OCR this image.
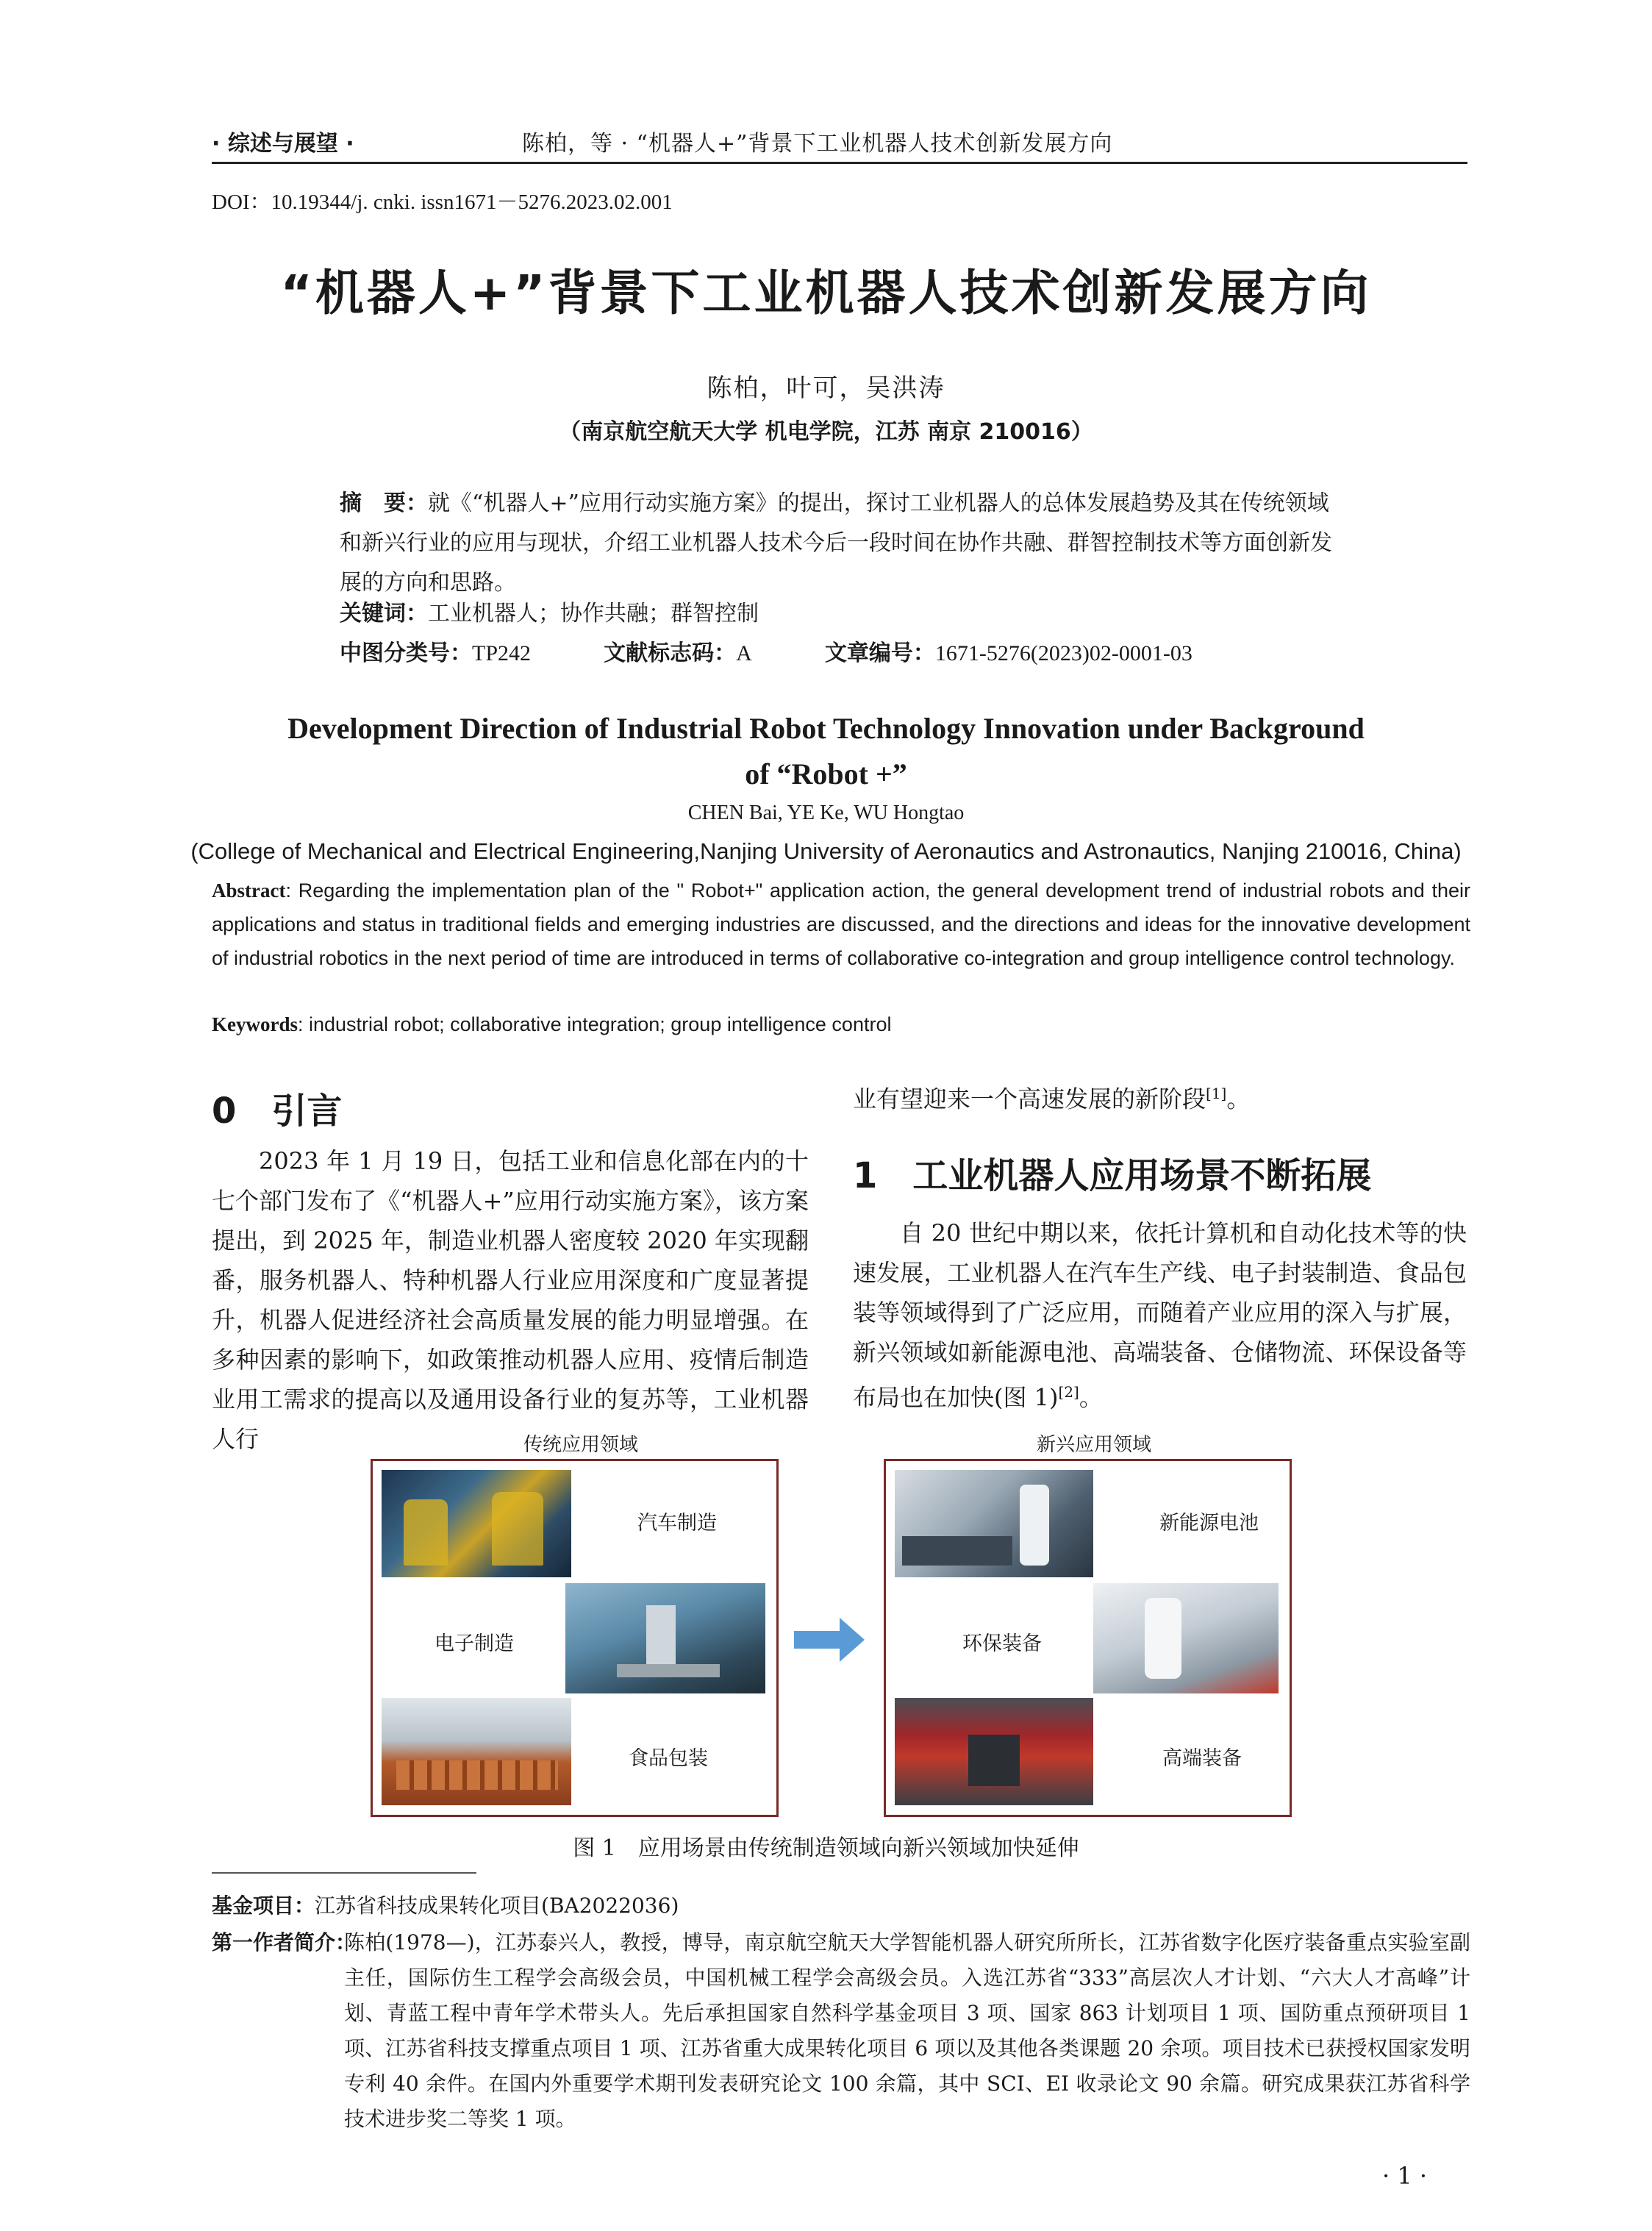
· 综述与展望 ·	陈柏，等 · “机器人+”背景下工业机器人技术创新发展方向
DOI：10.19344/j. cnki. issn1671－5276.2023.02.001
“机器人+”背景下工业机器人技术创新发展方向
陈柏，叶可，吴洪涛
（南京航空航天大学 机电学院，江苏 南京 210016）
摘　要：就《“机器人+”应用行动实施方案》的提出，探讨工业机器人的总体发展趋势及其在传统领域和新兴行业的应用与现状，介绍工业机器人技术今后一段时间在协作共融、群智控制技术等方面创新发展的方向和思路。
关键词：工业机器人；协作共融；群智控制
中图分类号：TP242	文献标志码：A	文章编号：1671-5276(2023)02-0001-03
Development Direction of Industrial Robot Technology Innovation under Background of “Robot +”
CHEN Bai, YE Ke, WU Hongtao
(College of Mechanical and Electrical Engineering,Nanjing University of Aeronautics and Astronautics, Nanjing 210016, China)
Abstract: Regarding the implementation plan of the " Robot+" application action, the general development trend of industrial robots and their applications and status in traditional fields and emerging industries are discussed, and the directions and ideas for the innovative development of industrial robotics in the next period of time are introduced in terms of collaborative co-integration and group intelligence control technology.
Keywords: industrial robot; collaborative integration; group intelligence control
0　引言
2023 年 1 月 19 日，包括工业和信息化部在内的十七个部门发布了《“机器人+”应用行动实施方案》，该方案提出，到 2025 年，制造业机器人密度较 2020 年实现翻番，服务机器人、特种机器人行业应用深度和广度显著提升，机器人促进经济社会高质量发展的能力明显增强。在多种因素的影响下，如政策推动机器人应用、疫情后制造业用工需求的提高以及通用设备行业的复苏等，工业机器人行
业有望迎来一个高速发展的新阶段[1]。
1　工业机器人应用场景不断拓展
自 20 世纪中期以来，依托计算机和自动化技术等的快速发展，工业机器人在汽车生产线、电子封装制造、食品包装等领域得到了广泛应用，而随着产业应用的深入与扩展，新兴领域如新能源电池、高端装备、仓储物流、环保设备等布局也在加快(图 1)[2]。
传统应用领域	新兴应用领域
汽车制造
电子制造
食品包装
新能源电池
环保装备
高端装备
图 1　应用场景由传统制造领域向新兴领域加快延伸
基金项目：江苏省科技成果转化项目(BA2022036)
第一作者简介：
陈柏(1978—)，江苏泰兴人，教授，博导，南京航空航天大学智能机器人研究所所长，江苏省数字化医疗装备重点实验室副主任，国际仿生工程学会高级会员，中国机械工程学会高级会员。入选江苏省“333”高层次人才计划、“六大人才高峰”计划、青蓝工程中青年学术带头人。先后承担国家自然科学基金项目 3 项、国家 863 计划项目 1 项、国防重点预研项目 1 项、江苏省科技支撑重点项目 1 项、江苏省重大成果转化项目 6 项以及其他各类课题 20 余项。项目技术已获授权国家发明专利 40 余件。在国内外重要学术期刊发表研究论文 100 余篇，其中 SCI、EI 收录论文 90 余篇。研究成果获江苏省科学技术进步奖二等奖 1 项。
· 1 ·
